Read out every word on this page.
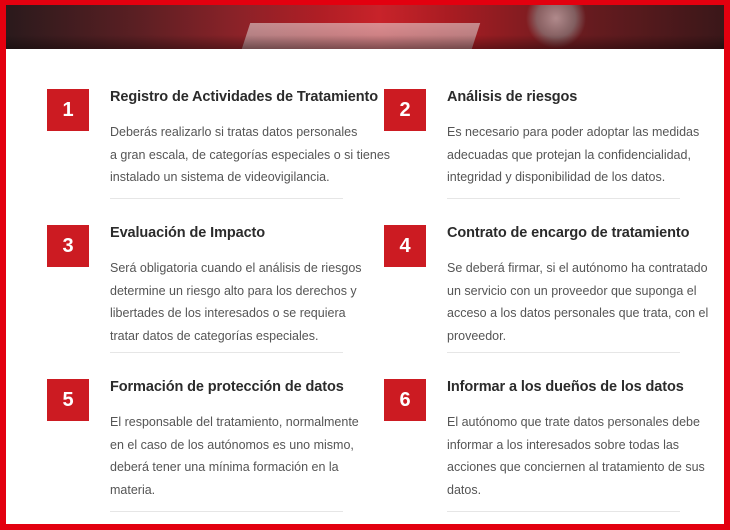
1
Registro de Actividades de Tratamiento
Deberás realizarlo si tratas datos personales
a gran escala, de categorías especiales o si tienes
instalado un sistema de videovigilancia.
2
Análisis de riesgos
Es necesario para poder adoptar las medidas
adecuadas que protejan la confidencialidad,
integridad y disponibilidad de los datos.
3
Evaluación de Impacto
Será obligatoria cuando el análisis de riesgos
determine un riesgo alto para los derechos y
libertades de los interesados o se requiera
tratar datos de categorías especiales.
4
Contrato de encargo de tratamiento
Se deberá firmar, si el autónomo ha contratado
un servicio con un proveedor que suponga el
acceso a los datos personales que trata, con el
proveedor.
5
Formación de protección de datos
El responsable del tratamiento, normalmente
en el caso de los autónomos es uno mismo,
deberá tener una mínima formación en la
materia.
6
Informar a los dueños de los datos
El autónomo que trate datos personales debe
informar a los interesados sobre todas las
acciones que conciernen al tratamiento de sus
datos.
